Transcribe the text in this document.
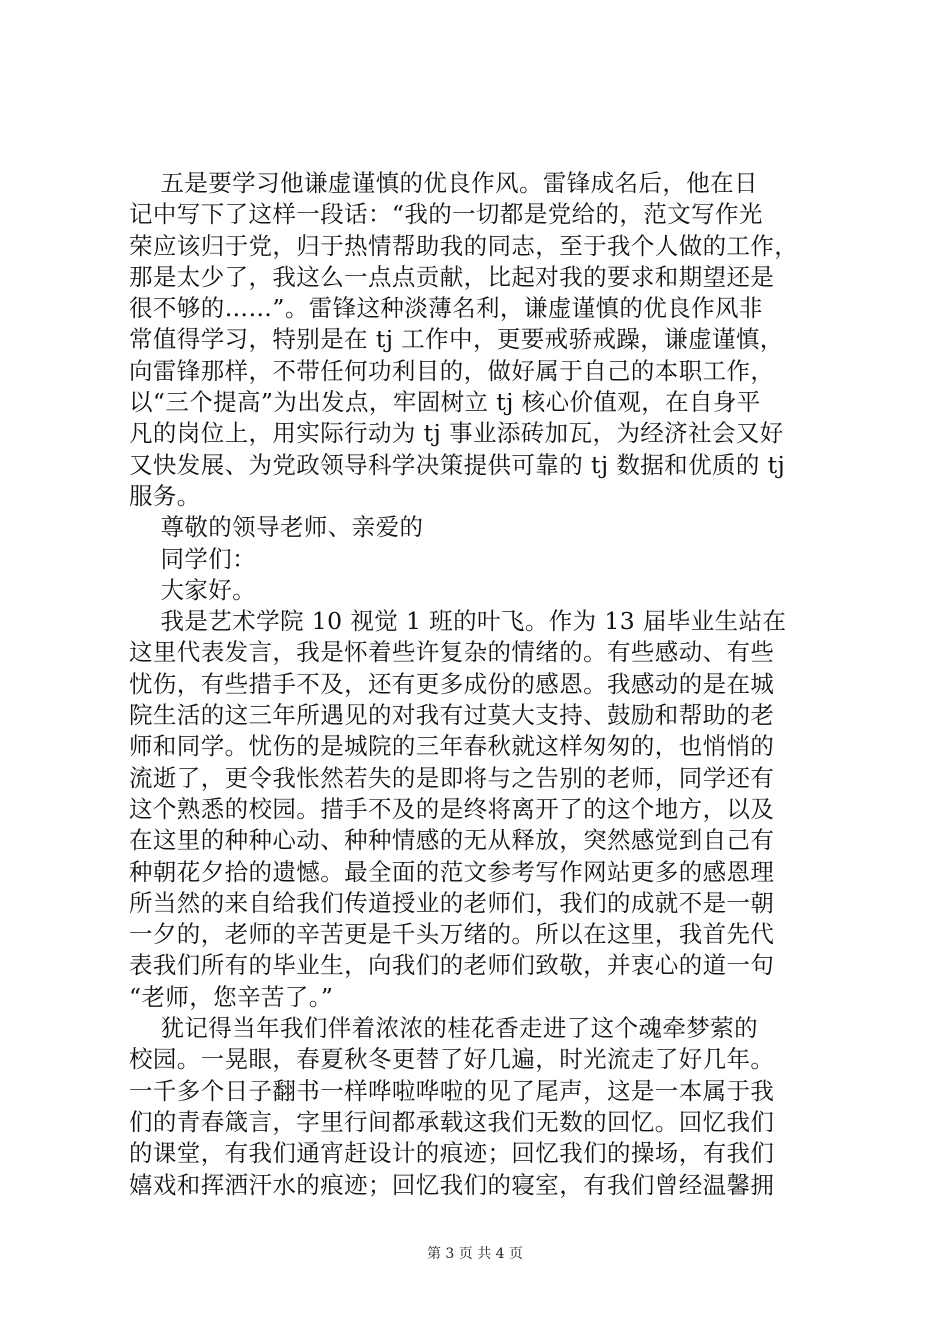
五是要学习他谦虚谨慎的优良作风。雷锋成名后，他在日
记中写下了这样一段话：“我的一切都是党给的，范文写作光
荣应该归于党，归于热情帮助我的同志，至于我个人做的工作，
那是太少了，我这么一点点贡献，比起对我的要求和期望还是
很不够的……”。雷锋这种淡薄名利，谦虚谨慎的优良作风非
常值得学习，特别是在 tj 工作中，更要戒骄戒躁，谦虚谨慎，
向雷锋那样，不带任何功利目的，做好属于自己的本职工作，
以“三个提高”为出发点，牢固树立 tj 核心价值观，在自身平
凡的岗位上，用实际行动为 tj 事业添砖加瓦，为经济社会又好
又快发展、为党政领导科学决策提供可靠的 tj 数据和优质的 tj
服务。
尊敬的领导老师、亲爱的
同学们：
大家好。
我是艺术学院 10 视觉 1 班的叶飞。作为 13 届毕业生站在
这里代表发言，我是怀着些许复杂的情绪的。有些感动、有些
忧伤，有些措手不及，还有更多成份的感恩。我感动的是在城
院生活的这三年所遇见的对我有过莫大支持、鼓励和帮助的老
师和同学。忧伤的是城院的三年春秋就这样匆匆的，也悄悄的
流逝了，更令我怅然若失的是即将与之告别的老师，同学还有
这个熟悉的校园。措手不及的是终将离开了的这个地方，以及
在这里的种种心动、种种情感的无从释放，突然感觉到自己有
种朝花夕拾的遗憾。最全面的范文参考写作网站更多的感恩理
所当然的来自给我们传道授业的老师们，我们的成就不是一朝
一夕的，老师的辛苦更是千头万绪的。所以在这里，我首先代
表我们所有的毕业生，向我们的老师们致敬，并衷心的道一句
“老师，您辛苦了。”
犹记得当年我们伴着浓浓的桂花香走进了这个魂牵梦萦的
校园。一晃眼，春夏秋冬更替了好几遍，时光流走了好几年。
一千多个日子翻书一样哗啦哗啦的见了尾声，这是一本属于我
们的青春箴言，字里行间都承载这我们无数的回忆。回忆我们
的课堂，有我们通宵赶设计的痕迹；回忆我们的操场，有我们
嬉戏和挥洒汗水的痕迹；回忆我们的寝室，有我们曾经温馨拥
第 3 页 共 4 页
